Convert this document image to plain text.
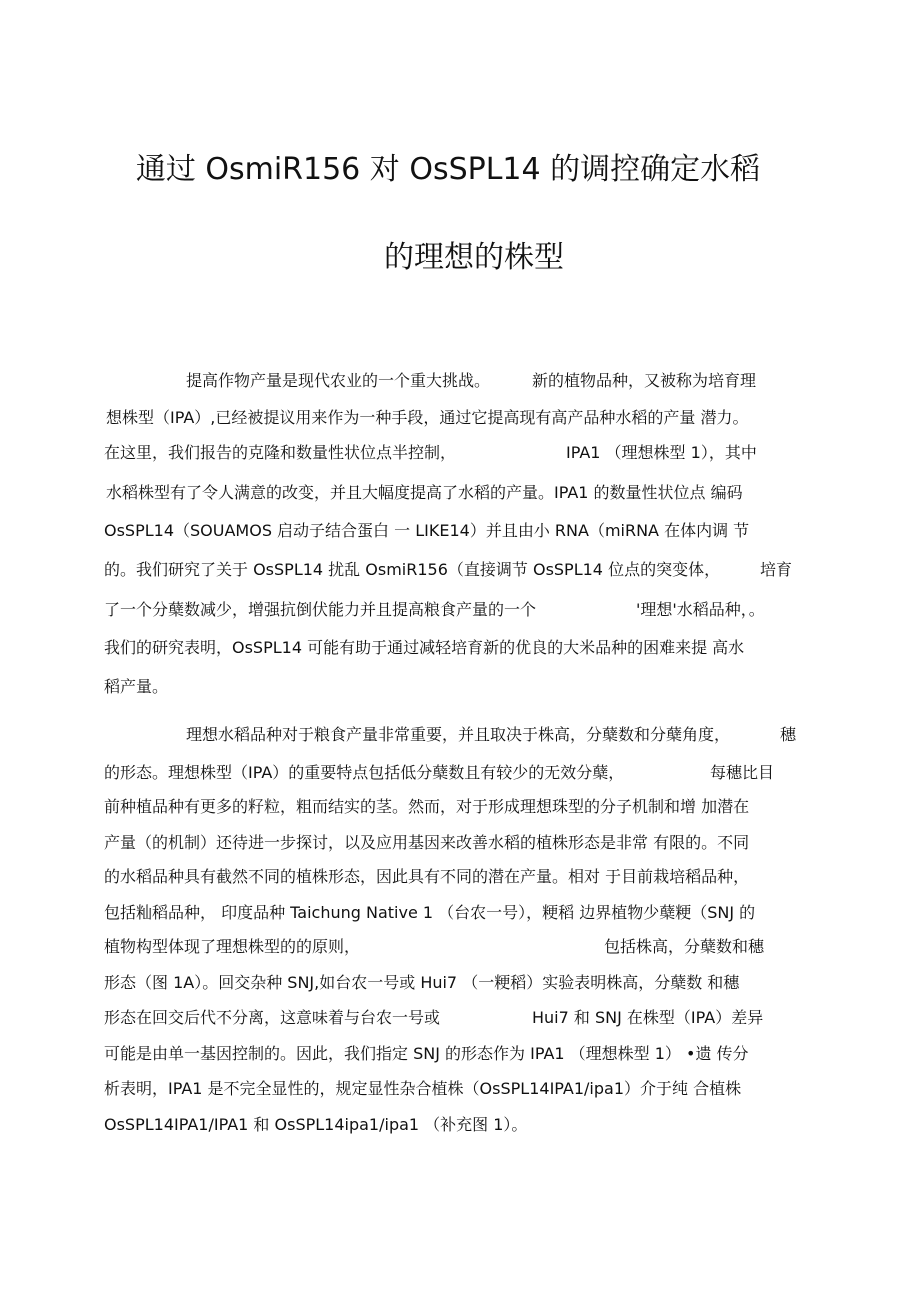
通过 OsmiR156 对 OsSPL14 的调控确定水稻
的理想的株型
提高作物产量是现代农业的一个重大挑战。	新的植物品种，又被称为培育理
想株型（IPA）,已经被提议用来作为一种手段，通过它提高现有高产品种水稻的产量 潜力。
在这里，我们报告的克隆和数量性状位点半控制，	IPA1 （理想株型 1），其中
水稻株型有了令人满意的改变，并且大幅度提高了水稻的产量。IPA1 的数量性状位点 编码
OsSPL14（SOUAMOS 启动子结合蛋白 一 LIKE14）并且由小 RNA（miRNA 在体内调 节
的。我们研究了关于 OsSPL14 扰乱 OsmiR156（直接调节 OsSPL14 位点的突变体， 培育
了一个分蘖数减少，增强抗倒伏能力并且提高粮食产量的一个	'理想'水稻品种，。
我们的研究表明，OsSPL14 可能有助于通过减轻培育新的优良的大米品种的困难来提 高水
稻产量。
理想水稻品种对于粮食产量非常重要，并且取决于株高，分蘖数和分蘖角度，	穗
的形态。理想株型（IPA）的重要特点包括低分蘖数且有较少的无效分蘖，	每穗比目
前种植品种有更多的籽粒，粗而结实的茎。然而，对于形成理想珠型的分子机制和增 加潜在
产量（的机制）还待进一步探讨，以及应用基因来改善水稻的植株形态是非常 有限的。不同
的水稻品种具有截然不同的植株形态，因此具有不同的潜在产量。相对 于目前栽培稻品种，
包括籼稻品种， 印度品种 Taichung Native 1 （台农一号），粳稻 边界植物少蘖粳（SNJ 的
植物构型体现了理想株型的的原则，	包括株高，分蘖数和穗
形态（图 1A）。回交杂种 SNJ,如台农一号或 Hui7 （一粳稻）实验表明株高，分蘖数 和穗
形态在回交后代不分离，这意味着与台农一号或	Hui7 和 SNJ 在株型（IPA）差异
可能是由单一基因控制的。因此，我们指定 SNJ 的形态作为 IPA1 （理想株型 1） •遗 传分
析表明，IPA1 是不完全显性的，规定显性杂合植株（OsSPL14IPA1/ipa1）介于纯 合植株
OsSPL14IPA1/IPA1 和 OsSPL14ipa1/ipa1 （补充图 1）。
